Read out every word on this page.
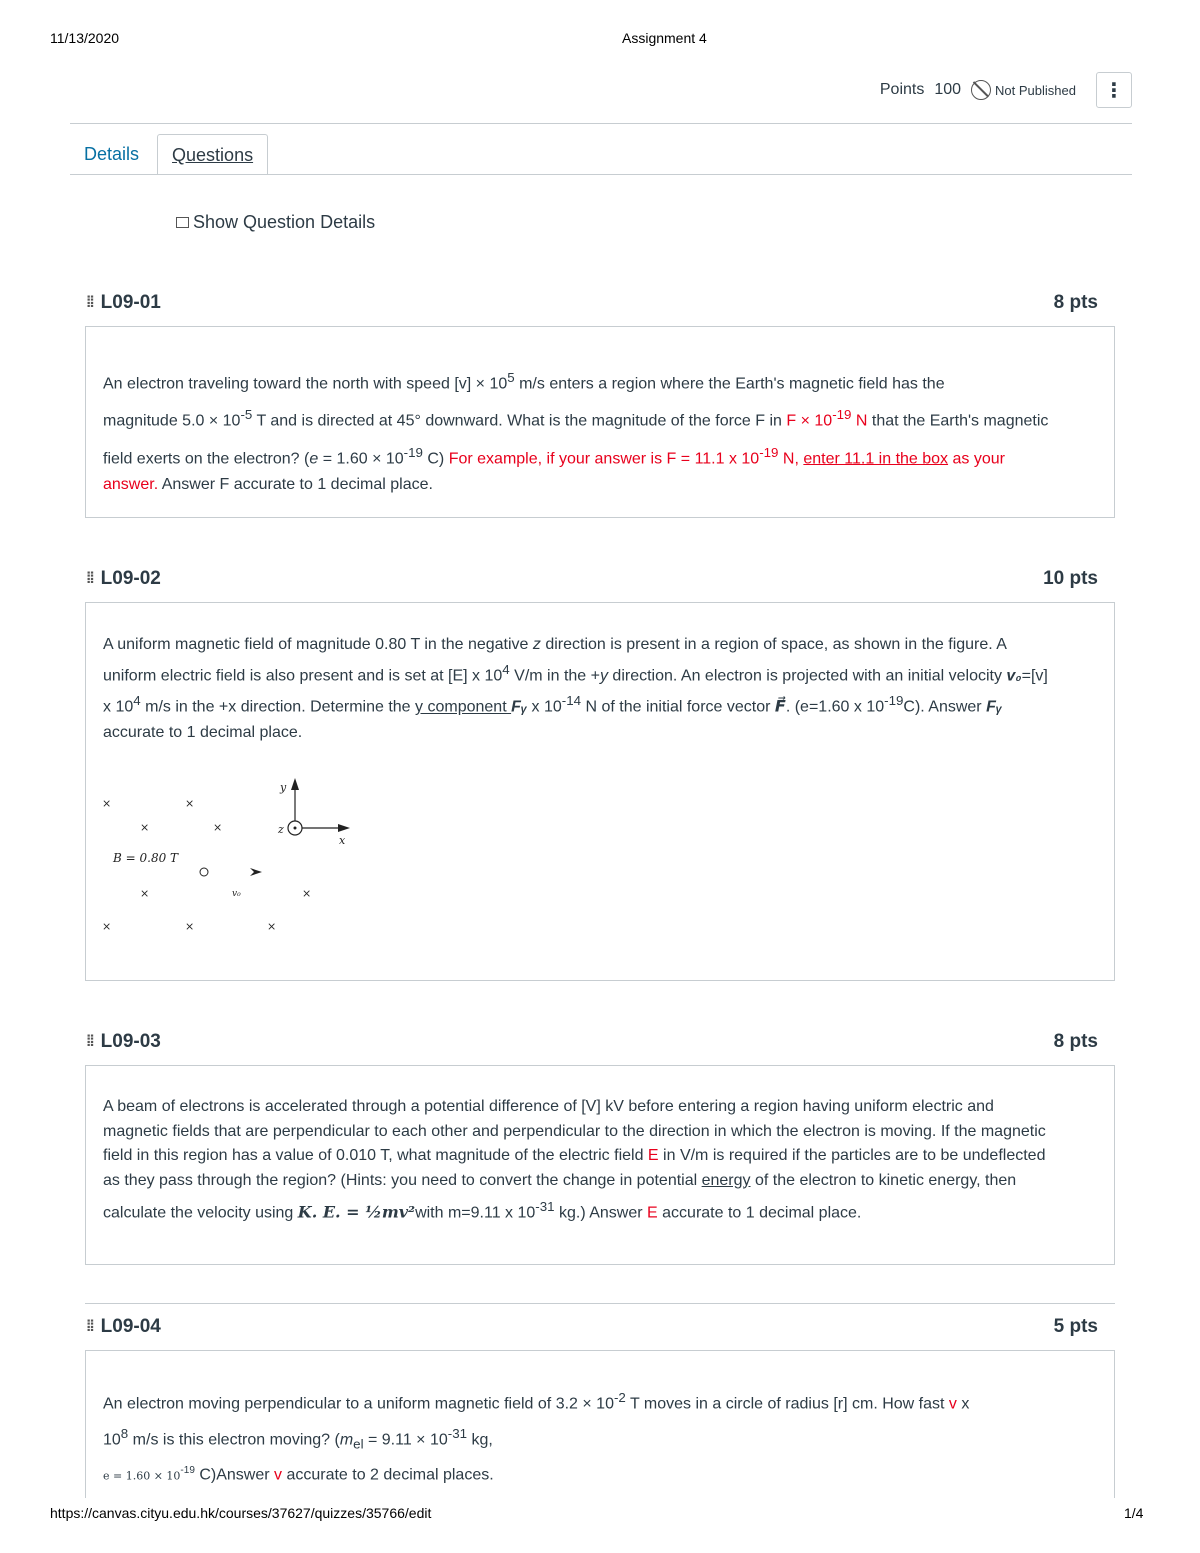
11/13/2020	Assignment 4
Points 100	Not Published	⋮
Details	Questions
Show Question Details
⁞⁞ L09-01	8 pts
An electron traveling toward the north with speed $[v] \times 10^5$ m/s enters a region where the Earth's magnetic field has the
magnitude $5.0 \times 10^{-5}$ T and is directed at 45° downward. What is the magnitude of the force F in $F \times 10^{-19}$ N that the Earth's magnetic
field exerts on the electron? ($e = 1.60 \times 10^{-19}$ C) For example, if your answer is F = 11.1 x $10^{-19}$ N, enter 11.1 in the box as your
answer. Answer F accurate to 1 decimal place.
⁞⁞ L09-02	10 pts
A uniform magnetic field of magnitude 0.80 T in the negative z direction is present in a region of space, as shown in the figure. A
uniform electric field is also present and is set at [E] x $10^4$ V/m in the +y direction. An electron is projected with an initial velocity v₀=[v]
x $10^4$ m/s in the +x direction. Determine the y component Fᵧ x $10^{-14}$ N of the initial force vector F⃗. (e=1.60 x $10^{-19}C$). Answer Fᵧ
accurate to 1 decimal place.
×	×
×	×
×	×
×	×	×
B = 0.80 T
v₀
y
x
z
⁞⁞ L09-03	8 pts
A beam of electrons is accelerated through a potential difference of [V] kV before entering a region having uniform electric and
magnetic fields that are perpendicular to each other and perpendicular to the direction in which the electron is moving. If the magnetic
field in this region has a value of 0.010 T, what magnitude of the electric field E in V/m is required if the particles are to be undeflected
as they pass through the region? (Hints: you need to convert the change in potential energy of the electron to kinetic energy, then
calculate the velocity using K. E. = ½mv²with m=9.11 x $10^{-31}$ kg.) Answer E accurate to 1 decimal place.
⁞⁞ L09-04	5 pts
An electron moving perpendicular to a uniform magnetic field of $3.2 \times 10^{-2}$ T moves in a circle of radius [r] cm. How fast v x
$10^8$ m/s is this electron moving? ($m_{el} = 9.11 \times 10^{-31}$ kg,
$e = 1.60 \times 10^{-19}$ C)Answer v accurate to 2 decimal places.
https://canvas.cityu.edu.hk/courses/37627/quizzes/35766/edit	1/4
